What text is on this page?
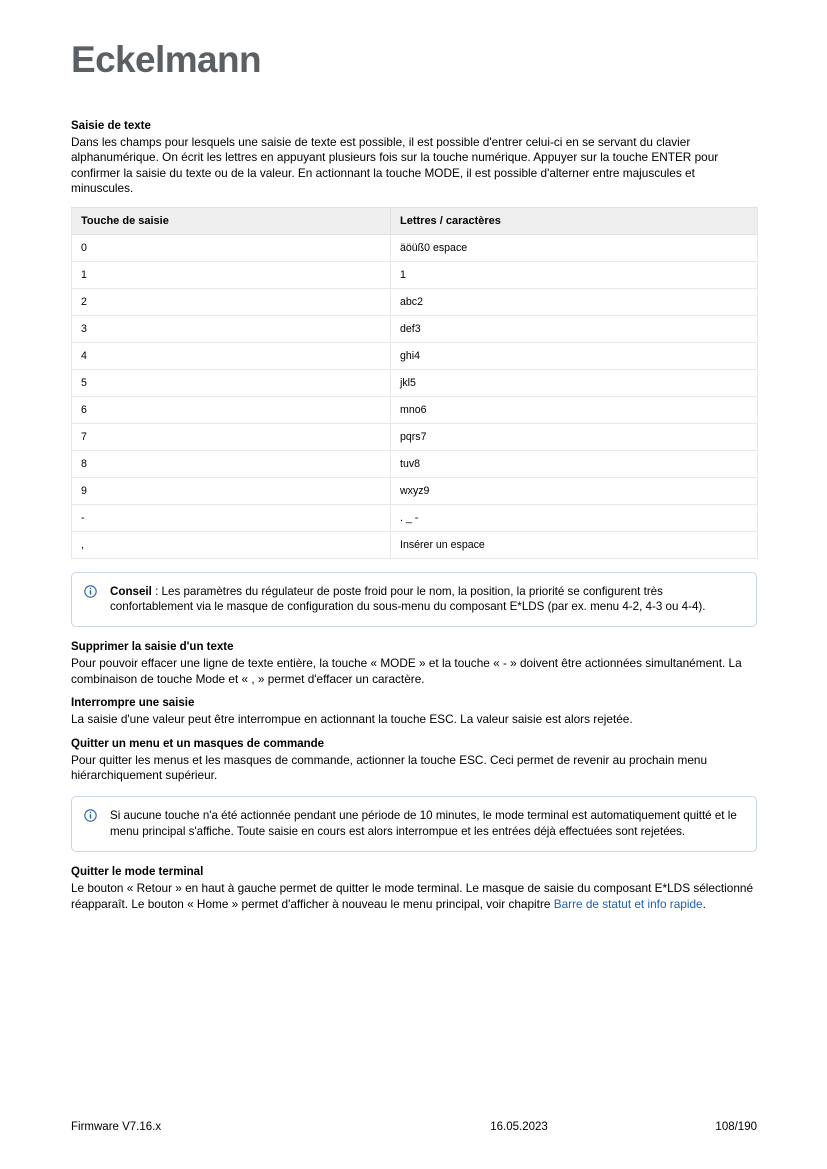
Eckelmann
Saisie de texte

Dans les champs pour lesquels une saisie de texte est possible, il est possible d'entrer celui-ci en se servant du clavier alphanumérique. On écrit les lettres en appuyant plusieurs fois sur la touche numérique. Appuyer sur la touche ENTER pour confirmer la saisie du texte ou de la valeur. En actionnant la touche MODE, il est possible d'alterner entre majuscules et minuscules.

Touche de saisie	Lettres / caractères
0	äöüß0 espace
1	1
2	abc2
3	def3
4	ghi4
5	jkl5
6	mno6
7	pqrs7
8	tuv8
9	wxyz9
-	. _ -
,	Insérer un espace
Conseil : Les paramètres du régulateur de poste froid pour le nom, la position, la priorité se configurent très confortablement via le masque de configuration du sous-menu du composant E*LDS (par ex. menu 4-2, 4-3 ou 4-4).
Supprimer la saisie d'un texte

Pour pouvoir effacer une ligne de texte entière, la touche « MODE » et la touche « - » doivent être actionnées simultanément. La combinaison de touche Mode et « , » permet d'effacer un caractère.

Interrompre une saisie

La saisie d'une valeur peut être interrompue en actionnant la touche ESC. La valeur saisie est alors rejetée.

Quitter un menu et un masques de commande

Pour quitter les menus et les masques de commande, actionner la touche ESC. Ceci permet de revenir au prochain menu hiérarchiquement supérieur.

Si aucune touche n'a été actionnée pendant une période de 10 minutes, le mode terminal est automatiquement quitté et le menu principal s'affiche. Toute saisie en cours est alors interrompue et les entrées déjà effectuées sont rejetées.
Quitter le mode terminal

Le bouton « Retour » en haut à gauche permet de quitter le mode terminal. Le masque de saisie du composant E*LDS sélectionné réapparaît. Le bouton « Home » permet d'afficher à nouveau le menu principal, voir chapitre Barre de statut et info rapide.

Firmware V7.16.x	16.05.2023	108/190
